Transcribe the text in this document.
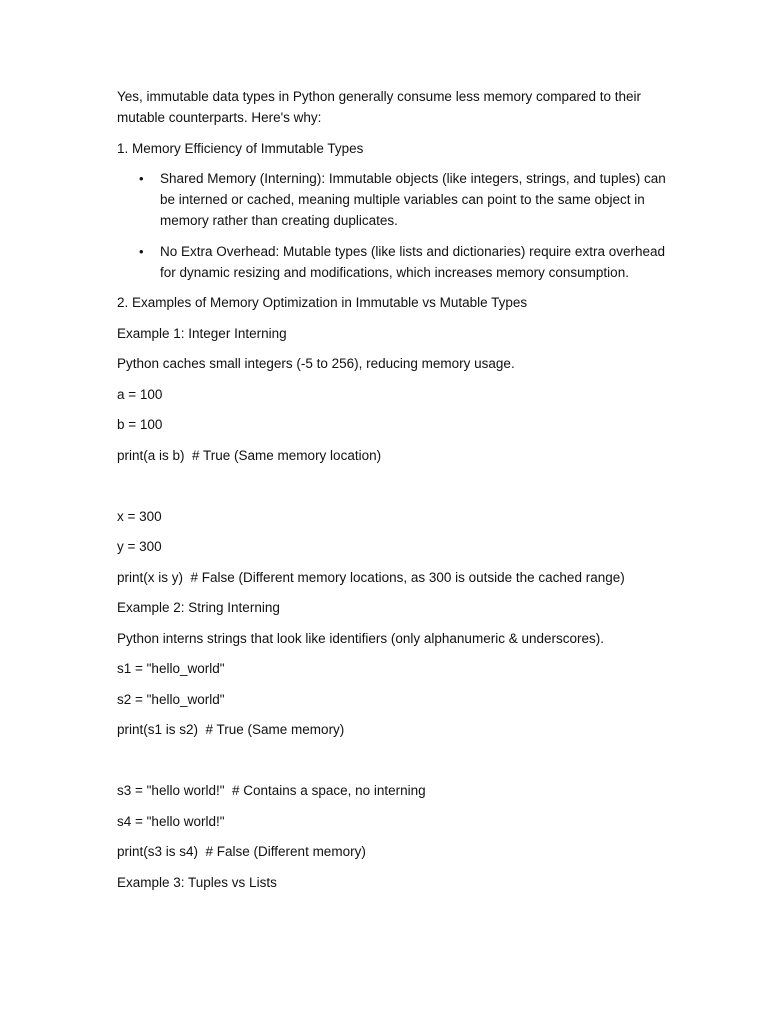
Yes, immutable data types in Python generally consume less memory compared to their mutable counterparts. Here's why:

1. Memory Efficiency of Immutable Types

• Shared Memory (Interning): Immutable objects (like integers, strings, and tuples) can be interned or cached, meaning multiple variables can point to the same object in memory rather than creating duplicates.
• No Extra Overhead: Mutable types (like lists and dictionaries) require extra overhead for dynamic resizing and modifications, which increases memory consumption.

2. Examples of Memory Optimization in Immutable vs Mutable Types

Example 1: Integer Interning

Python caches small integers (-5 to 256), reducing memory usage.

a = 100

b = 100

print(a is b)  # True (Same memory location)

x = 300

y = 300

print(x is y)  # False (Different memory locations, as 300 is outside the cached range)

Example 2: String Interning

Python interns strings that look like identifiers (only alphanumeric & underscores).

s1 = "hello_world"

s2 = "hello_world"

print(s1 is s2)  # True (Same memory)

s3 = "hello world!"  # Contains a space, no interning

s4 = "hello world!"

print(s3 is s4)  # False (Different memory)

Example 3: Tuples vs Lists
